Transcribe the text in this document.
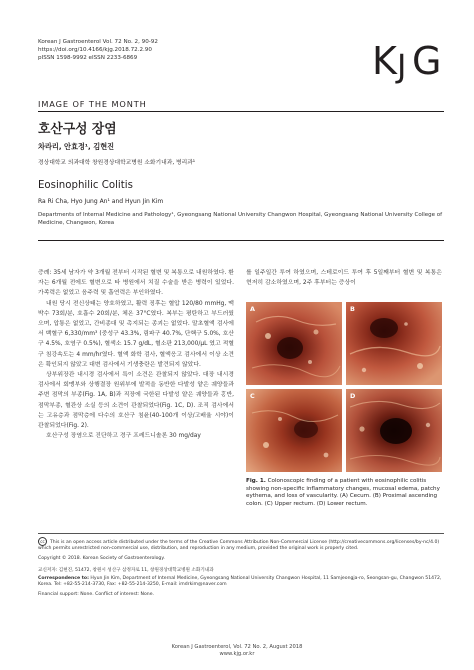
Korean J Gastroenterol Vol. 72 No. 2, 90-92
https://doi.org/10.4166/kjg.2018.72.2.90
pISSN 1598-9992 eISSN 2233-6869	K J G
IMAGE OF THE MONTH
호산구성 장염
차라리, 안효정¹, 김현진
경상대학교 의과대학 창원경상대학교병원 소화기내과, 병리과¹
Eosinophilic Colitis
Ra Ri Cha, Hyo Jung An¹ and Hyun Jin Kim
Departments of Internal Medicine and Pathology¹, Gyeongsang National University Changwon Hospital, Gyeongsang National University College of Medicine, Changwon, Korea

증례: 35세 남자가 약 3개월 전부터 시작된 혈변 및 복통으로 내원하였다. 환자는 6개월 전에도 혈변으로 타 병원에서 치질 수술을 받은 병력이 있었다. 가족력은 없었고 음주력 및 흡연력은 부인하였다.

내원 당시 전신상태는 양호하였고, 활력 징후는 혈압 120/80 mmHg, 맥박수 73회/분, 호흡수 20회/분, 체온 37°C였다. 복부는 평탄하고 부드러웠으며, 압통은 없었고, 간비종대 및 촉지되는 종괴는 없었다. 말초혈액 검사에서 백혈구 6,330/mm³ (중성구 43.3%, 림파구 40.7%, 단핵구 5.0%, 호산구 4.5%, 호염구 0.5%), 혈색소 15.7 g/dL, 혈소판 213,000/µL 였고 적혈구 침강속도는 4 mm/hr였다. 혈액 화학 검사, 혈액응고 검사에서 이상 소견은 확인되지 않았고 대변 검사에서 기생충란은 발견되지 않았다.

상부위장관 내시경 검사에서 특이 소견은 관찰되지 않았다. 대장 내시경 검사에서 회맹부와 상행결장 원위부에 발적을 동반한 다발성 얕은 궤양들과 주변 점막의 부종(Fig. 1A, B)과 직장에 국한된 다발성 얕은 궤양들과 홍반, 점막부종, 혈관상 소실 등의 소견이 관찰되었다(Fig. 1C, D). 조직 검사에서는 고유층과 점막층에 다수의 호산구 침윤(40-100개 이상/고배율 시야)이 관찰되었다(Fig. 2).

호산구성 장염으로 진단하고 경구 프레드니솔론 30 mg/day

를 일주일간 투여 하였으며, 스테로이드 투여 후 5일째부터 혈변 및 복통은 현저히 감소하였으며, 2주 후부터는 증상이

A	B
C	D
Fig. 1. Colonoscopic finding of a patient with eosinophilic colitis showing non-specific inflammatory changes, mucosal edema, patchy eythema, and loss of vascularity. (A) Cecum. (B) Proximal ascending colon. (C) Upper rectum. (D) Lower rectum.
cc This is an open access article distributed under the terms of the Creative Commons Attribution Non-Commercial License (http://creativecommons.org/licenses/by-nc/4.0) which permits unrestricted non-commercial use, distribution, and reproduction in any medium, provided the original work is properly cited.
Copyright © 2018. Korean Society of Gastroenterology.
교신저자: 김현진, 51472, 창원시 성산구 삼정자로 11, 창원경상대학교병원 소화기내과
Correspondence to: Hyun Jin Kim, Department of Internal Medicine, Gyeongsang National University Changwon Hospital, 11 Samjeongja-ro, Seongsan-gu, Changwon 51472, Korea. Tel: +82-55-214-3730, Fax: +82-55-214-3250, E-mail: imdrkim@naver.com
Financial support: None. Conflict of interest: None.
Korean J Gastroenterol, Vol. 72 No. 2, August 2018
www.kjg.or.kr
